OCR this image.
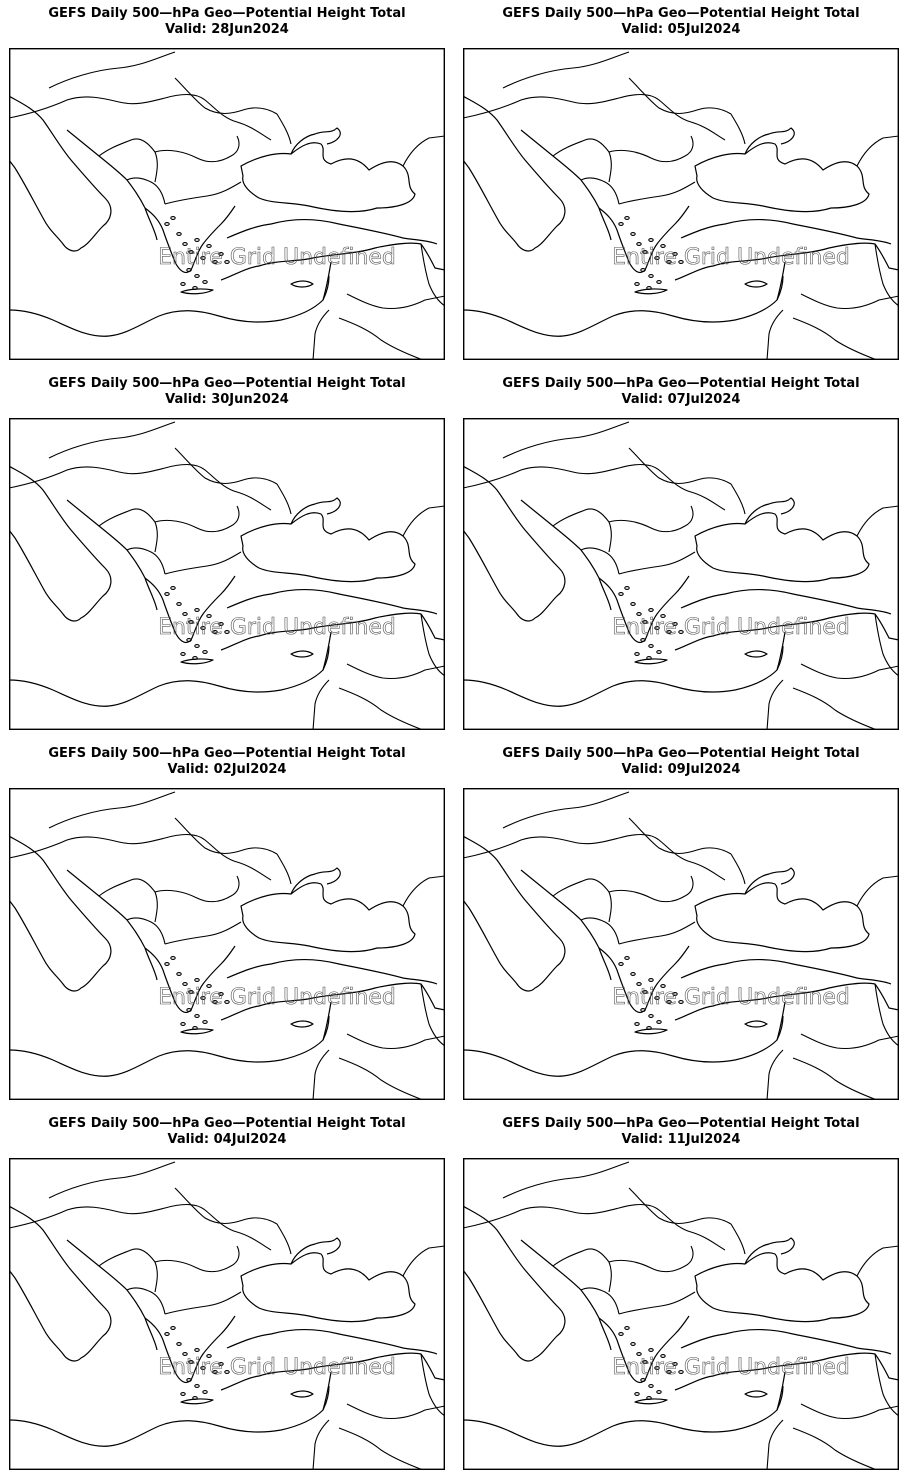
GEFS Daily 500—hPa Geo—Potential Height Total
Valid: 28Jun2024
Entire Grid Undefined
GEFS Daily 500—hPa Geo—Potential Height Total
Valid: 05Jul2024
Entire Grid Undefined
GEFS Daily 500—hPa Geo—Potential Height Total
Valid: 30Jun2024
Entire Grid Undefined
GEFS Daily 500—hPa Geo—Potential Height Total
Valid: 07Jul2024
Entire Grid Undefined
GEFS Daily 500—hPa Geo—Potential Height Total
Valid: 02Jul2024
Entire Grid Undefined
GEFS Daily 500—hPa Geo—Potential Height Total
Valid: 09Jul2024
Entire Grid Undefined
GEFS Daily 500—hPa Geo—Potential Height Total
Valid: 04Jul2024
Entire Grid Undefined
GEFS Daily 500—hPa Geo—Potential Height Total
Valid: 11Jul2024
Entire Grid Undefined
